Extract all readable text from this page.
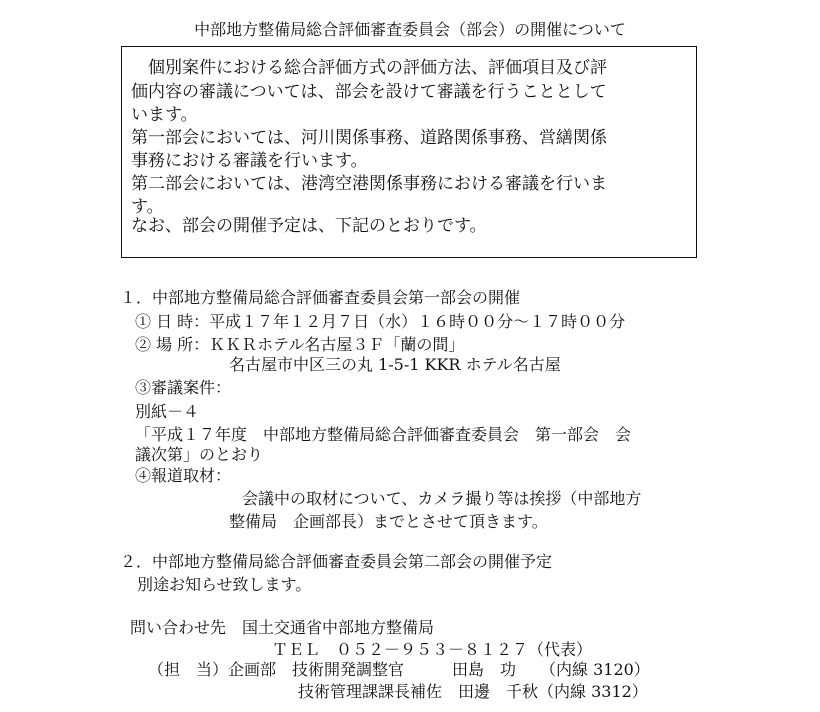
中部地方整備局総合評価審査委員会（部会）の開催について
　個別案件における総合評価方式の評価方法、評価項目及び評
価内容の審議については、部会を設けて審議を行うこととして
います。
第一部会においては、河川関係事務、道路関係事務、営繕関係
事務における審議を行います。
第二部会においては、港湾空港関係事務における審議を行いま
す。
なお、部会の開催予定は、下記のとおりです。
１．中部地方整備局総合評価審査委員会第一部会の開催
① 日 時：平成１７年１２月７日（水）１６時００分～１７時００分
② 場 所：ＫＫＲホテル名古屋３Ｆ「蘭の間」
名古屋市中区三の丸 1-5-1 KKR ホテル名古屋
③審議案件：
別紙－４
「平成１７年度　中部地方整備局総合評価審査委員会　第一部会　会
議次第」のとおり
④報道取材：
会議中の取材について、カメラ撮り等は挨拶（中部地方
整備局　企画部長）までとさせて頂きます。
２．中部地方整備局総合評価審査委員会第二部会の開催予定
別途お知らせ致します。
問い合わせ先　国土交通省中部地方整備局
ＴＥＬ　０５２－９５３－８１２７（代表）
（担　当）企画部　技術開発調整官　　　田島　功　　（内線 3120）
技術管理課課長補佐　田邊　千秋（内線 3312）
